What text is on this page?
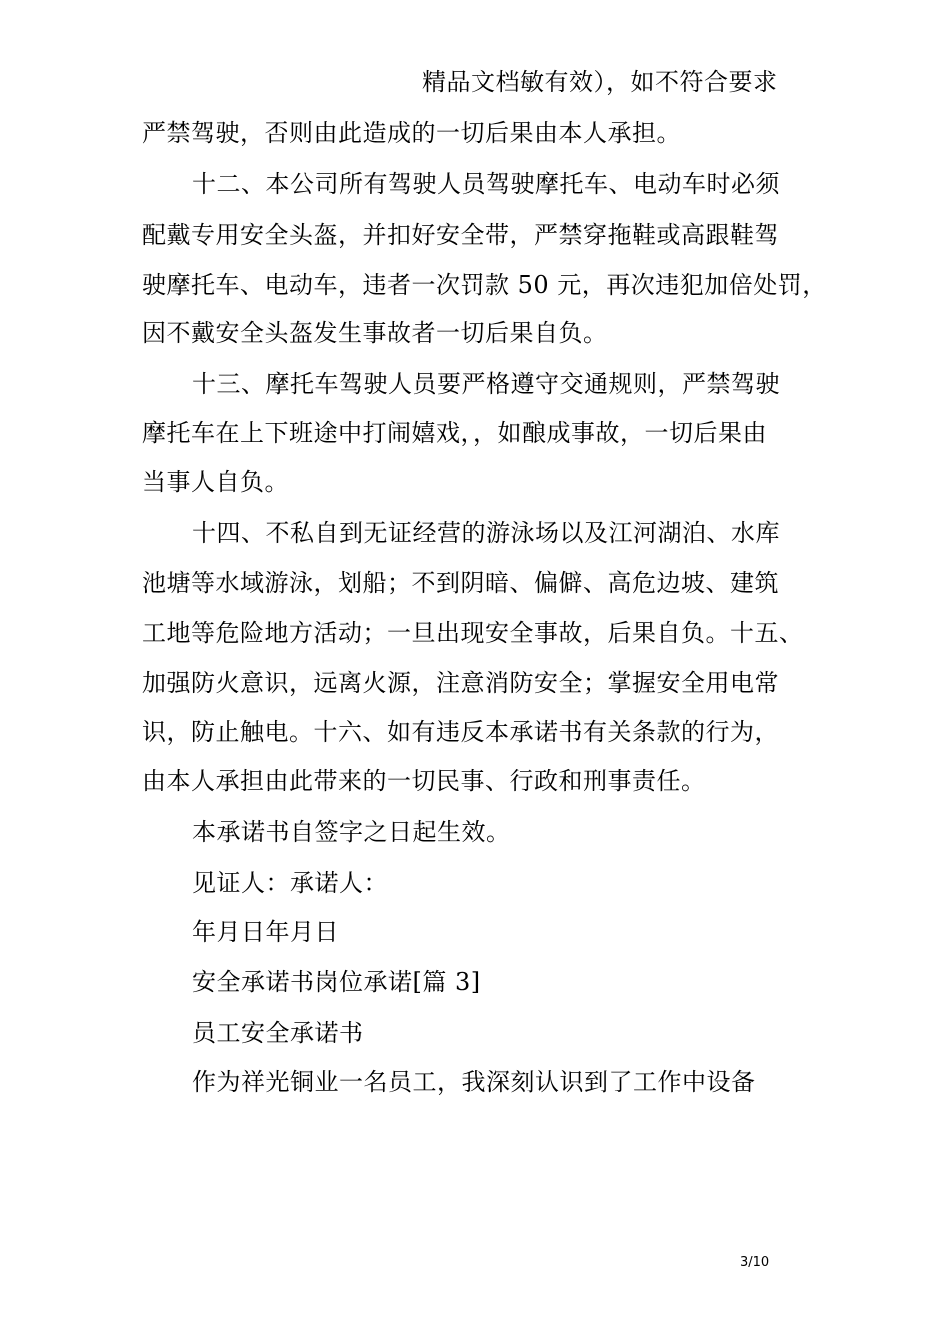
精品文档敏有效），如不符合要求
严禁驾驶，否则由此造成的一切后果由本人承担。
十二、本公司所有驾驶人员驾驶摩托车、电动车时必须
配戴专用安全头盔，并扣好安全带，严禁穿拖鞋或高跟鞋驾
驶摩托车、电动车，违者一次罚款 50 元，再次违犯加倍处罚，
因不戴安全头盔发生事故者一切后果自负。
十三、摩托车驾驶人员要严格遵守交通规则，严禁驾驶
摩托车在上下班途中打闹嬉戏，，如酿成事故，一切后果由
当事人自负。
十四、不私自到无证经营的游泳场以及江河湖泊、水库
池塘等水域游泳，划船；不到阴暗、偏僻、高危边坡、建筑
工地等危险地方活动；一旦出现安全事故，后果自负。十五、
加强防火意识，远离火源，注意消防安全；掌握安全用电常
识，防止触电。十六、如有违反本承诺书有关条款的行为，
由本人承担由此带来的一切民事、行政和刑事责任。
本承诺书自签字之日起生效。
见证人：承诺人：
年月日年月日
安全承诺书岗位承诺[篇 3]
员工安全承诺书
作为祥光铜业一名员工，我深刻认识到了工作中设备
3/10
